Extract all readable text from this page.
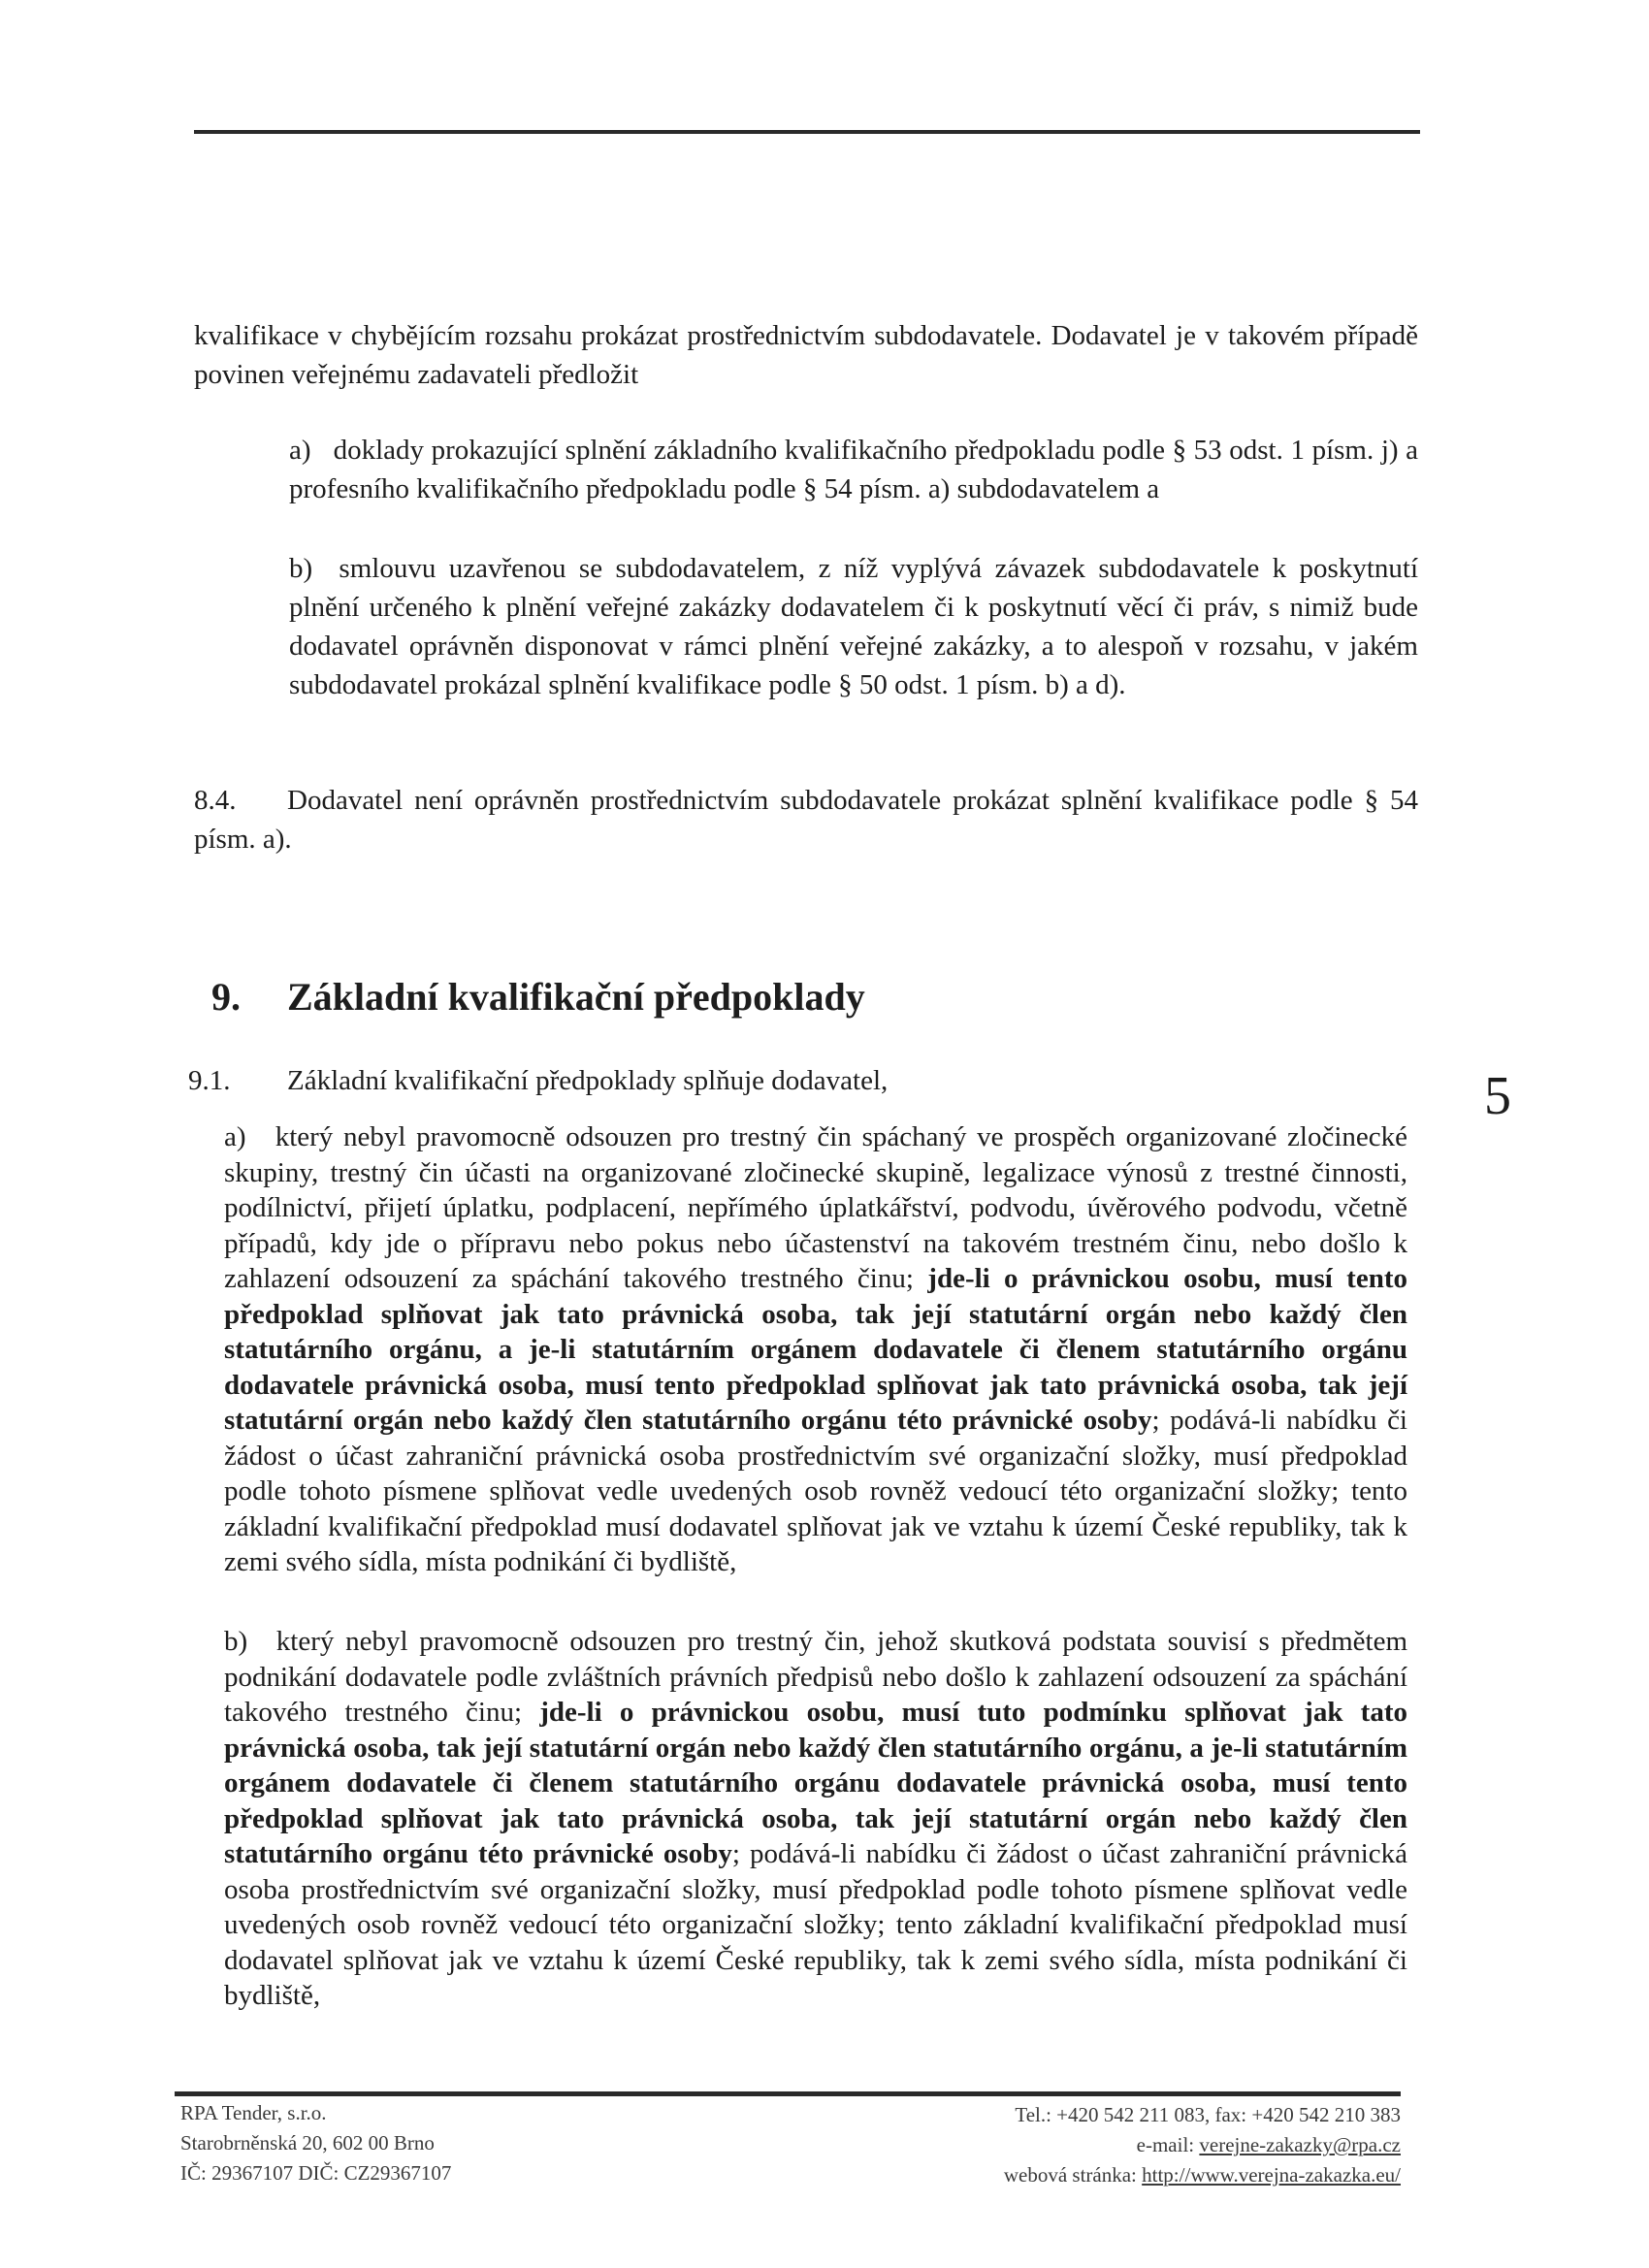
kvalifikace v chybějícím rozsahu prokázat prostřednictvím subdodavatele. Dodavatel je v takovém případě povinen veřejnému zadavateli předložit

a) doklady prokazující splnění základního kvalifikačního předpokladu podle § 53 odst. 1 písm. j) a profesního kvalifikačního předpokladu podle § 54 písm. a) subdodavatelem a

b) smlouvu uzavřenou se subdodavatelem, z níž vyplývá závazek subdodavatele k poskytnutí plnění určeného k plnění veřejné zakázky dodavatelem či k poskytnutí věcí či práv, s nimiž bude dodavatel oprávněn disponovat v rámci plnění veřejné zakázky, a to alespoň v rozsahu, v jakém subdodavatel prokázal splnění kvalifikace podle § 50 odst. 1 písm. b) a d).

8.4. Dodavatel není oprávněn prostřednictvím subdodavatele prokázat splnění kvalifikace podle § 54 písm. a).

9. Základní kvalifikační předpoklady

9.1. Základní kvalifikační předpoklady splňuje dodavatel,	5

a) který nebyl pravomocně odsouzen pro trestný čin spáchaný ve prospěch organizované zločinecké skupiny, trestný čin účasti na organizované zločinecké skupině, legalizace výnosů z trestné činnosti, podílnictví, přijetí úplatku, podplacení, nepřímého úplatkářství, podvodu, úvěrového podvodu, včetně případů, kdy jde o přípravu nebo pokus nebo účastenství na takovém trestném činu, nebo došlo k zahlazení odsouzení za spáchání takového trestného činu; jde-li o právnickou osobu, musí tento předpoklad splňovat jak tato právnická osoba, tak její statutární orgán nebo každý člen statutárního orgánu, a je-li statutárním orgánem dodavatele či členem statutárního orgánu dodavatele právnická osoba, musí tento předpoklad splňovat jak tato právnická osoba, tak její statutární orgán nebo každý člen statutárního orgánu této právnické osoby; podává-li nabídku či žádost o účast zahraniční právnická osoba prostřednictvím své organizační složky, musí předpoklad podle tohoto písmene splňovat vedle uvedených osob rovněž vedoucí této organizační složky; tento základní kvalifikační předpoklad musí dodavatel splňovat jak ve vztahu k území České republiky, tak k zemi svého sídla, místa podnikání či bydliště,

b) který nebyl pravomocně odsouzen pro trestný čin, jehož skutková podstata souvisí s předmětem podnikání dodavatele podle zvláštních právních předpisů nebo došlo k zahlazení odsouzení za spáchání takového trestného činu; jde-li o právnickou osobu, musí tuto podmínku splňovat jak tato právnická osoba, tak její statutární orgán nebo každý člen statutárního orgánu, a je-li statutárním orgánem dodavatele či členem statutárního orgánu dodavatele právnická osoba, musí tento předpoklad splňovat jak tato právnická osoba, tak její statutární orgán nebo každý člen statutárního orgánu této právnické osoby; podává-li nabídku či žádost o účast zahraniční právnická osoba prostřednictvím své organizační složky, musí předpoklad podle tohoto písmene splňovat vedle uvedených osob rovněž vedoucí této organizační složky; tento základní kvalifikační předpoklad musí dodavatel splňovat jak ve vztahu k území České republiky, tak k zemi svého sídla, místa podnikání či bydliště,

RPA Tender, s.r.o.
Starobrněnská 20, 602 00 Brno
IČ: 29367107 DIČ: CZ29367107
Tel.: +420 542 211 083, fax: +420 542 210 383
e-mail: verejne-zakazky@rpa.cz
webová stránka: http://www.verejna-zakazka.eu/
